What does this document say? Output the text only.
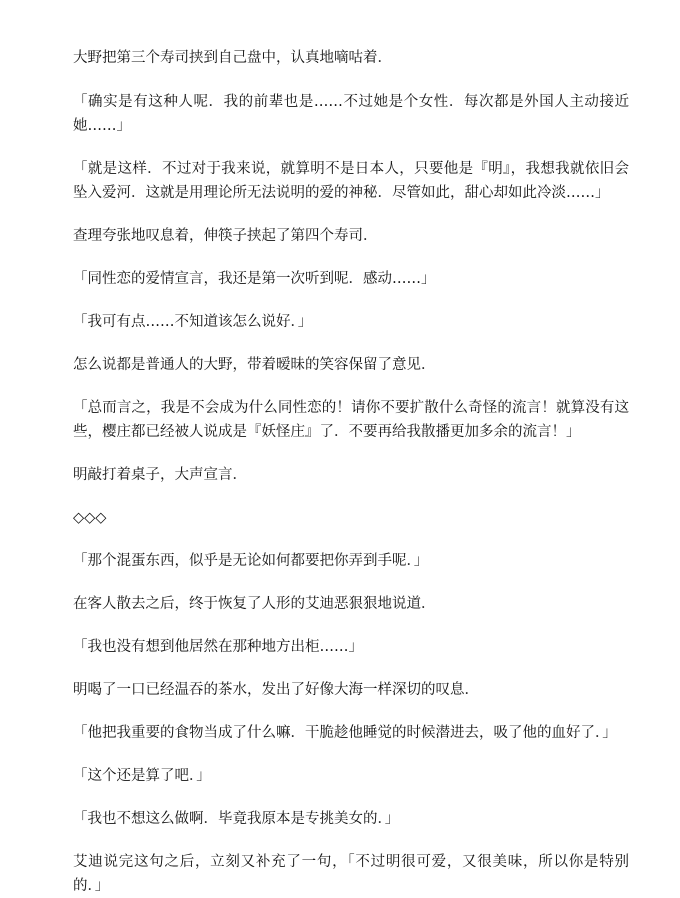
大野把第三个寿司挟到自己盘中，认真地嘀咕着．

「确实是有这种人呢．我的前辈也是……不过她是个女性．每次都是外国人主动接近她……」

「就是这样．不过对于我来说，就算明不是日本人，只要他是『明』，我想我就依旧会坠入爱河．这就是用理论所无法说明的爱的神秘．尽管如此，甜心却如此冷淡……」

查理夸张地叹息着，伸筷子挟起了第四个寿司．

「同性恋的爱情宣言，我还是第一次听到呢．感动……」

「我可有点……不知道该怎么说好．」

怎么说都是普通人的大野，带着暧昧的笑容保留了意见．

「总而言之，我是不会成为什么同性恋的！请你不要扩散什么奇怪的流言！就算没有这些，樱庄都已经被人说成是『妖怪庄』了．不要再给我散播更加多余的流言！」

明敲打着桌子，大声宣言．

◇◇◇

「那个混蛋东西，似乎是无论如何都要把你弄到手呢．」

在客人散去之后，终于恢复了人形的艾迪恶狠狠地说道．

「我也没有想到他居然在那种地方出柜……」

明喝了一口已经温吞的茶水，发出了好像大海一样深切的叹息．

「他把我重要的食物当成了什么嘛．干脆趁他睡觉的时候潜进去，吸了他的血好了．」

「这个还是算了吧．」

「我也不想这么做啊．毕竟我原本是专挑美女的．」

艾迪说完这句之后，立刻又补充了一句，「不过明很可爱，又很美味，所以你是特别的．」
